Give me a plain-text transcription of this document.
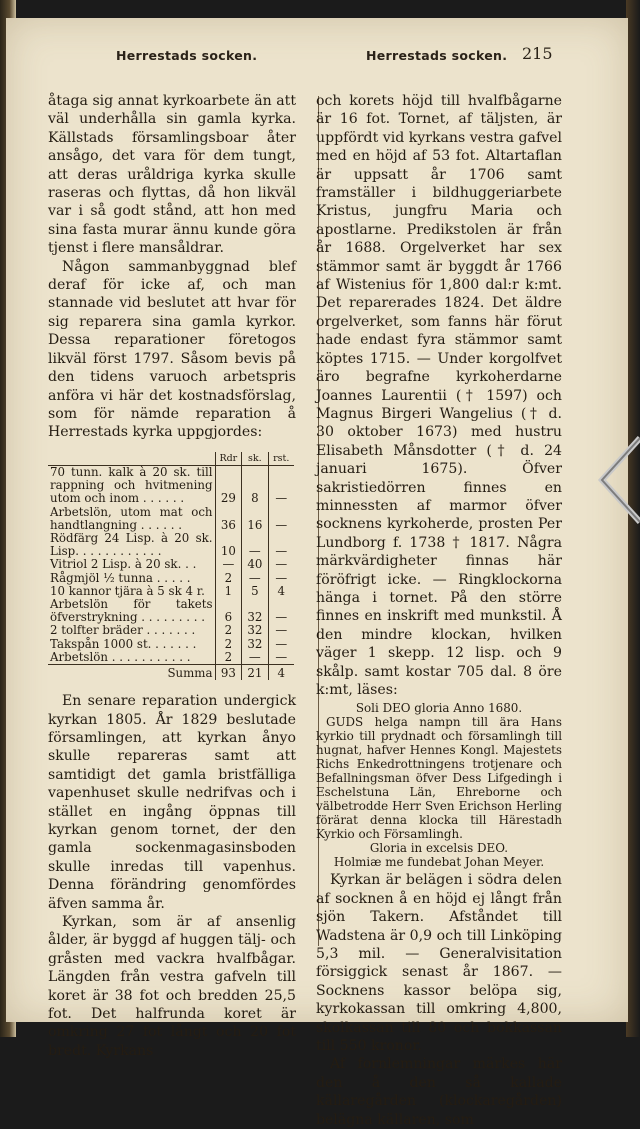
Herrestads socken.	Herrestads socken. 215

åtaga sig annat kyrkoarbete än att väl underhålla sin gamla kyrka. Källstads församlingsboar åter ansågo, det vara för dem tungt, att deras uråldriga kyrka skulle raseras och flyttas, då hon likväl var i så godt stånd, att hon med sina fasta murar ännu kunde göra tjenst i flere mansåldrar.

Någon sammanbyggnad blef deraf för icke af, och man stannade vid beslutet att hvar för sig reparera sina gamla kyrkor. Dessa reparationer företogos likväl först 1797. Såsom bevis på den tidens varuoch arbetspris anföra vi här det kostnadsförslag, som för nämde reparation å Herrestads kyrka uppgjordes:

	Rdr	sk.	rst.
70 tunn. kalk à 20 sk. till rappning och hvitmening utom och inom . . . . . .	29	8	—
Arbetslön, utom mat och handtlangning . . . . . .	36	16	—
Rödfärg 24 Lisp. à 20 sk. Lisp. . . . . . . . . . . .	10	—	—
Vitriol 2 Lisp. à 20 sk. . .	—	40	—
Rågmjöl ½ tunna . . . . .	2	—	—
10 kannor tjära à 5 sk 4 r.	1	5	4
Arbetslön för takets öfverstrykning . . . . . . . . .	6	32	—
2 tolfter bräder . . . . . . .	2	32	—
Takspån 1000 st. . . . . . .	2	32	—
Arbetslön . . . . . . . . . . .	2	—	—
Summa	93	21	4

En senare reparation undergick kyrkan 1805. År 1829 beslutade församlingen, att kyrkan ånyo skulle repareras samt att samtidigt det gamla bristfälliga vapenhuset skulle nedrifvas och i stället en ingång öppnas till kyrkan genom tornet, der den gamla sockenmagasinsboden skulle inredas till vapenhus. Denna förändring genomfördes äfven samma år.

Kyrkan, som är af ansenlig ålder, är byggd af huggen tälj- och gråsten med vackra hvalfbågar. Längden från vestra gafveln till koret är 38 fot och bredden 25,5 fot. Det halfrunda koret är omkring 27 fot långt och 20 fot bredt. Kyrkans

och korets höjd till hvalfbågarne är 16 fot. Tornet, af täljsten, är uppfördt vid kyrkans vestra gafvel med en höjd af 53 fot. Altartaflan är uppsatt år 1706 samt framställer i bildhuggeriarbete Kristus, jungfru Maria och apostlarne. Predikstolen är från år 1688. Orgelverket har sex stämmor samt är byggdt år 1766 af Wistenius för 1,800 dal:r k:mt. Det reparerades 1824. Det äldre orgelverket, som fanns här förut hade endast fyra stämmor samt köptes 1715. — Under korgolfvet äro begrafne kyrkoherdarne Joannes Laurentii († 1597) och Magnus Birgeri Wangelius († d. 30 oktober 1673) med hustru Elisabeth Månsdotter († d. 24 januari 1675). Öfver sakristiedörren finnes en minnessten af marmor öfver socknens kyrkoherde, prosten Per Lundborg f. 1738 † 1817. Några märkvärdigheter finnas här föröfrigt icke. — Ringklockorna hänga i tornet. På den större finnes en inskrift med munkstil. Å den mindre klockan, hvilken väger 1 skepp. 12 lisp. och 9 skålp. samt kostar 705 dal. 8 öre k:mt, läses:

Soli DEO gloria Anno 1680.
GUDS helga nampn till ära Hans kyrkio till prydnadt och församlingh till hugnat, hafver Hennes Kongl. Majestets Richs Enkedrottningens trotjenare och Befallningsman öfver Dess Lifgedingh i Eschelstuna Län, Ehreborne och välbetrodde Herr Sven Erichson Herling förärat denna klocka till Härestadh Kyrkio och Församlingh.
Gloria in excelsis DEO.
Holmiæ me fundebat Johan Meyer.

Kyrkan är belägen i södra delen af socknen å en höjd ej långt från sjön Takern. Afståndet till Wadstena är 0,9 och till Linköping 5,3 mil. — Generalvisitation försiggick senast år 1867. — Socknens kassor belöpa sig, kyrkokassan till omkring 4,800, skolkassan till 80 och bokkassan till 550 kronor.

Af fornlemningar märkes här den å den så kallade källaregården (klockaregården) belägna källaren, som
